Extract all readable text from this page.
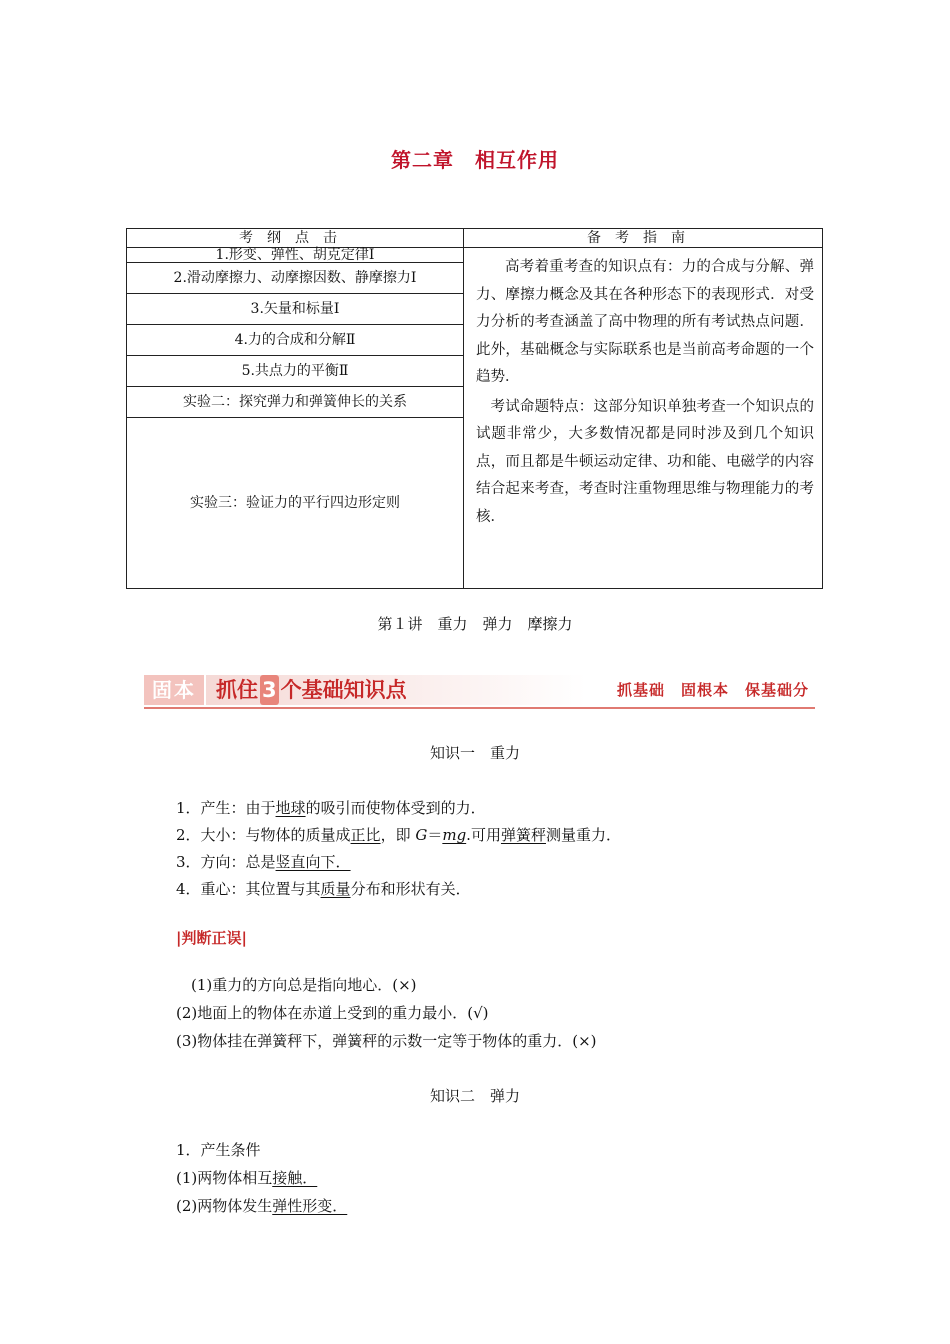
第二章　相互作用
考纲点击	备考指南
1.形变、弹性、胡克定律Ⅰ	高考着重考查的知识点有：力的合成与分解、弹力、摩擦力概念及其在各种形态下的表现形式．对受力分析的考查涵盖了高中物理的所有考试热点问题．此外，基础概念与实际联系也是当前高考命题的一个趋势．

考试命题特点：这部分知识单独考查一个知识点的试题非常少，大多数情况都是同时涉及到几个知识点，而且都是牛顿运动定律、功和能、电磁学的内容结合起来考查，考查时注重物理思维与物理能力的考核．

2.滑动摩擦力、动摩擦因数、静摩擦力Ⅰ	
3.矢量和标量Ⅰ	
4.力的合成和分解Ⅱ	
5.共点力的平衡Ⅱ	
实验二：探究弹力和弹簧伸长的关系	
实验三：验证力的平行四边形定则	
第１讲　重力　弹力　摩擦力
固本 抓住 3 个基础知识点	抓基础　固根本　保基础分
知识一　重力
1．产生：由于地球的吸引而使物体受到的力．
2．大小：与物体的质量成正比，即 G＝mg.可用弹簧秤测量重力．
3．方向：总是竖直向下．
4．重心：其位置与其质量分布和形状有关．
|判断正误|
　(1)重力的方向总是指向地心．(×)
(2)地面上的物体在赤道上受到的重力最小．(√)
(3)物体挂在弹簧秤下，弹簧秤的示数一定等于物体的重力．(×)
知识二　弹力
1．产生条件
(1)两物体相互接触．
(2)两物体发生弹性形变．
